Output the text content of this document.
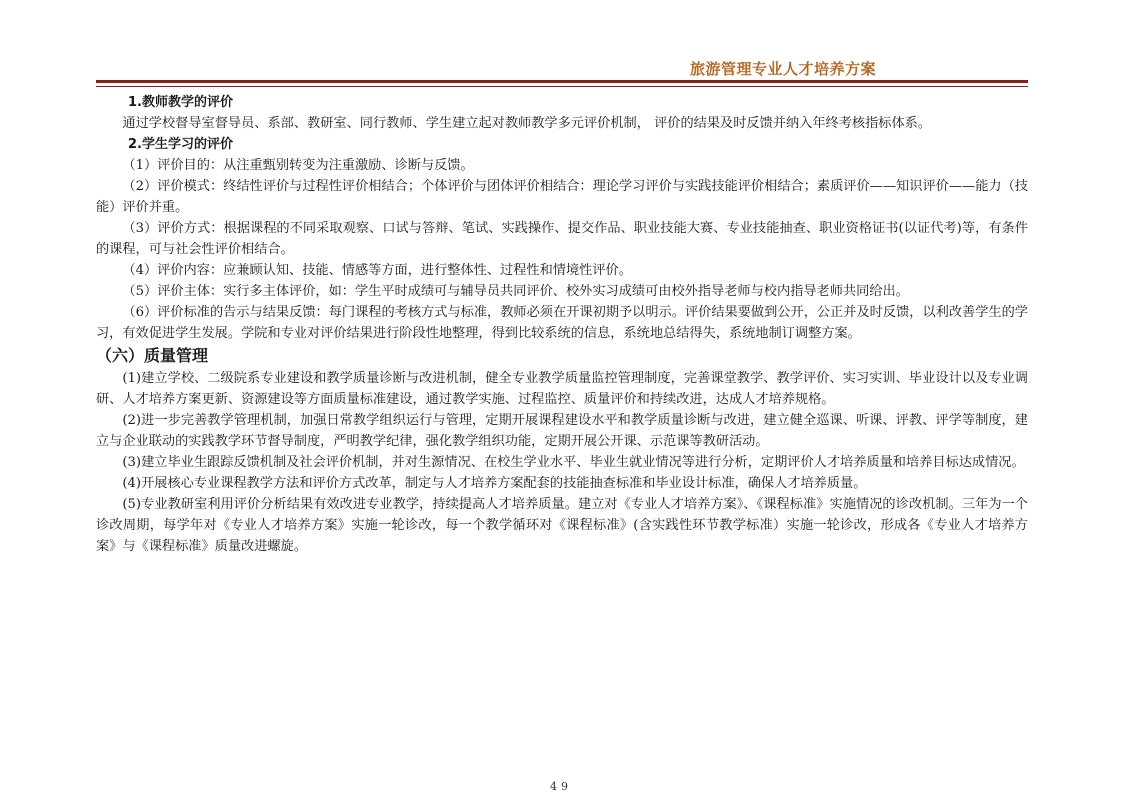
旅游管理专业人才培养方案

1.教师教学的评价

通过学校督导室督导员、系部、教研室、同行教师、学生建立起对教师教学多元评价机制， 评价的结果及时反馈并纳入年终考核指标体系。

2.学生学习的评价

（1）评价目的：从注重甄别转变为注重激励、诊断与反馈。

（2）评价模式：终结性评价与过程性评价相结合；个体评价与团体评价相结合：理论学习评价与实践技能评价相结合；素质评价——知识评价——能力（技能）评价并重。

（3）评价方式：根据课程的不同采取观察、口试与答辩、笔试、实践操作、提交作品、职业技能大赛、专业技能抽查、职业资格证书(以证代考)等，有条件的课程，可与社会性评价相结合。

（4）评价内容：应兼顾认知、技能、情感等方面，进行整体性、过程性和情境性评价。

（5）评价主体：实行多主体评价，如：学生平时成绩可与辅导员共同评价、校外实习成绩可由校外指导老师与校内指导老师共同给出。

（6）评价标准的告示与结果反馈：每门课程的考核方式与标准，教师必须在开课初期予以明示。评价结果要做到公开，公正并及时反馈，以利改善学生的学习，有效促进学生发展。学院和专业对评价结果进行阶段性地整理，得到比较系统的信息，系统地总结得失，系统地制订调整方案。

（六）质量管理

(1)建立学校、二级院系专业建设和教学质量诊断与改进机制，健全专业教学质量监控管理制度，完善课堂教学、教学评价、实习实训、毕业设计以及专业调研、人才培养方案更新、资源建设等方面质量标准建设，通过教学实施、过程监控、质量评价和持续改进，达成人才培养规格。

(2)进一步完善教学管理机制，加强日常教学组织运行与管理，定期开展课程建设水平和教学质量诊断与改进，建立健全巡课、听课、评教、评学等制度，建立与企业联动的实践教学环节督导制度，严明教学纪律，强化教学组织功能，定期开展公开课、示范课等教研活动。

(3)建立毕业生跟踪反馈机制及社会评价机制，并对生源情况、在校生学业水平、毕业生就业情况等进行分析，定期评价人才培养质量和培养目标达成情况。

(4)开展核心专业课程教学方法和评价方式改革，制定与人才培养方案配套的技能抽查标准和毕业设计标准，确保人才培养质量。

(5)专业教研室利用评价分析结果有效改进专业教学，持续提高人才培养质量。建立对《专业人才培养方案》、《课程标准》实施情况的诊改机制。三年为一个诊改周期，每学年对《专业人才培养方案》实施一轮诊改，每一个教学循环对《课程标准》(含实践性环节教学标准）实施一轮诊改，形成各《专业人才培养方案》与《课程标准》质量改进螺旋。

49
